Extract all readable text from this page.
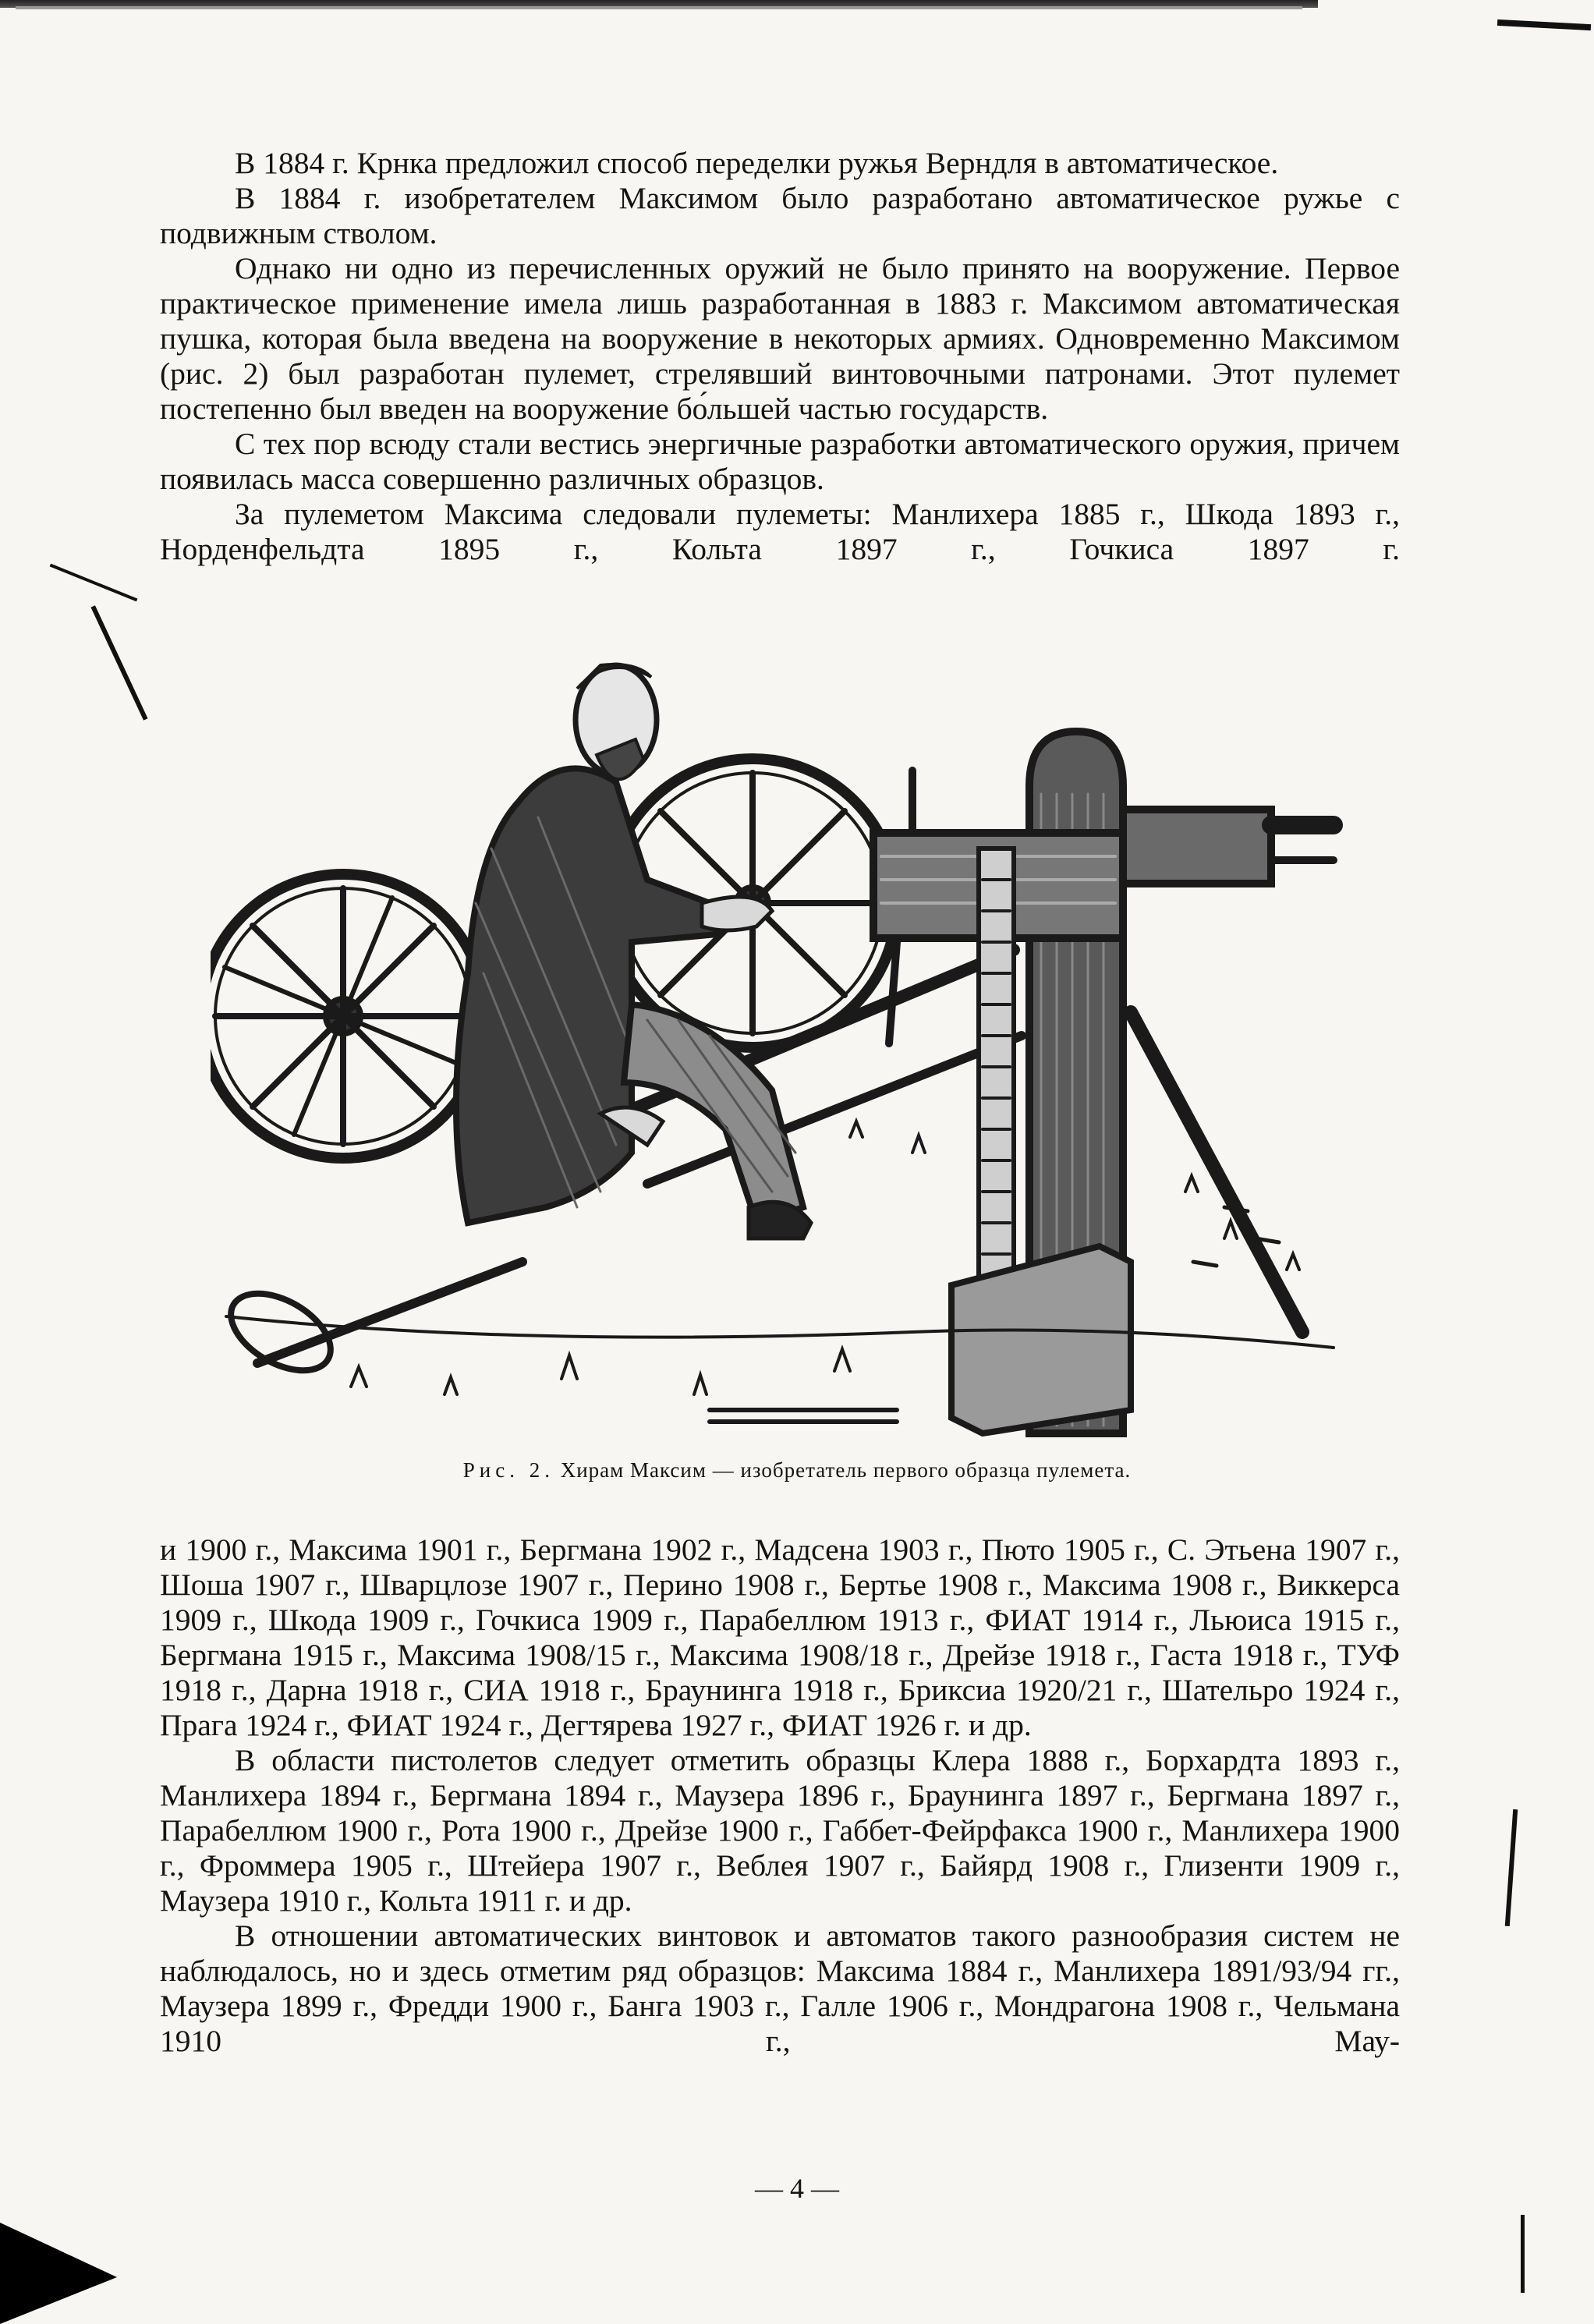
В 1884 г. Крнка предложил способ переделки ружья Верндля в автоматическое.

В 1884 г. изобретателем Максимом было разработано автоматическое ружье с подвижным стволом.

Однако ни одно из перечисленных оружий не было принято на вооружение. Первое практическое применение имела лишь разработанная в 1883 г. Максимом автоматическая пушка, которая была введена на вооружение в некоторых армиях. Одновременно Максимом (рис. 2) был разработан пулемет, стрелявший винтовочными патронами. Этот пулемет постепенно был введен на вооружение бо́льшей частью государств.

С тех пор всюду стали вестись энергичные разработки автоматического оружия, причем появилась масса совершенно различных образцов.

За пулеметом Максима следовали пулеметы: Манлихера 1885 г., Шкода 1893 г., Норденфельдта 1895 г., Кольта 1897 г., Гочкиса 1897 г.

Рис. 2. Хирам Максим — изобретатель первого образца пулемета.

и 1900 г., Максима 1901 г., Бергмана 1902 г., Мадсена 1903 г., Пюто 1905 г., С. Этьена 1907 г., Шоша 1907 г., Шварцлозе 1907 г., Перино 1908 г., Бертье 1908 г., Максима 1908 г., Виккерса 1909 г., Шкода 1909 г., Гочкиса 1909 г., Парабеллюм 1913 г., ФИАТ 1914 г., Льюиса 1915 г., Бергмана 1915 г., Максима 1908/15 г., Максима 1908/18 г., Дрейзе 1918 г., Гаста 1918 г., ТУФ 1918 г., Дарна 1918 г., СИА 1918 г., Браунинга 1918 г., Бриксиа 1920/21 г., Шательро 1924 г., Прага 1924 г., ФИАТ 1924 г., Дегтярева 1927 г., ФИАТ 1926 г. и др.

В области пистолетов следует отметить образцы Клера 1888 г., Борхардта 1893 г., Манлихера 1894 г., Бергмана 1894 г., Маузера 1896 г., Браунинга 1897 г., Бергмана 1897 г., Парабеллюм 1900 г., Рота 1900 г., Дрейзе 1900 г., Габбет-Фейрфакса 1900 г., Манлихера 1900 г., Фроммера 1905 г., Штейера 1907 г., Веблея 1907 г., Байярд 1908 г., Глизенти 1909 г., Маузера 1910 г., Кольта 1911 г. и др.

В отношении автоматических винтовок и автоматов такого разнообразия систем не наблюдалось, но и здесь отметим ряд образцов: Максима 1884 г., Манлихера 1891/93/94 гг., Маузера 1899 г., Фредди 1900 г., Банга 1903 г., Галле 1906 г., Мондрагона 1908 г., Чельмана 1910 г., Мау-

— 4 —
